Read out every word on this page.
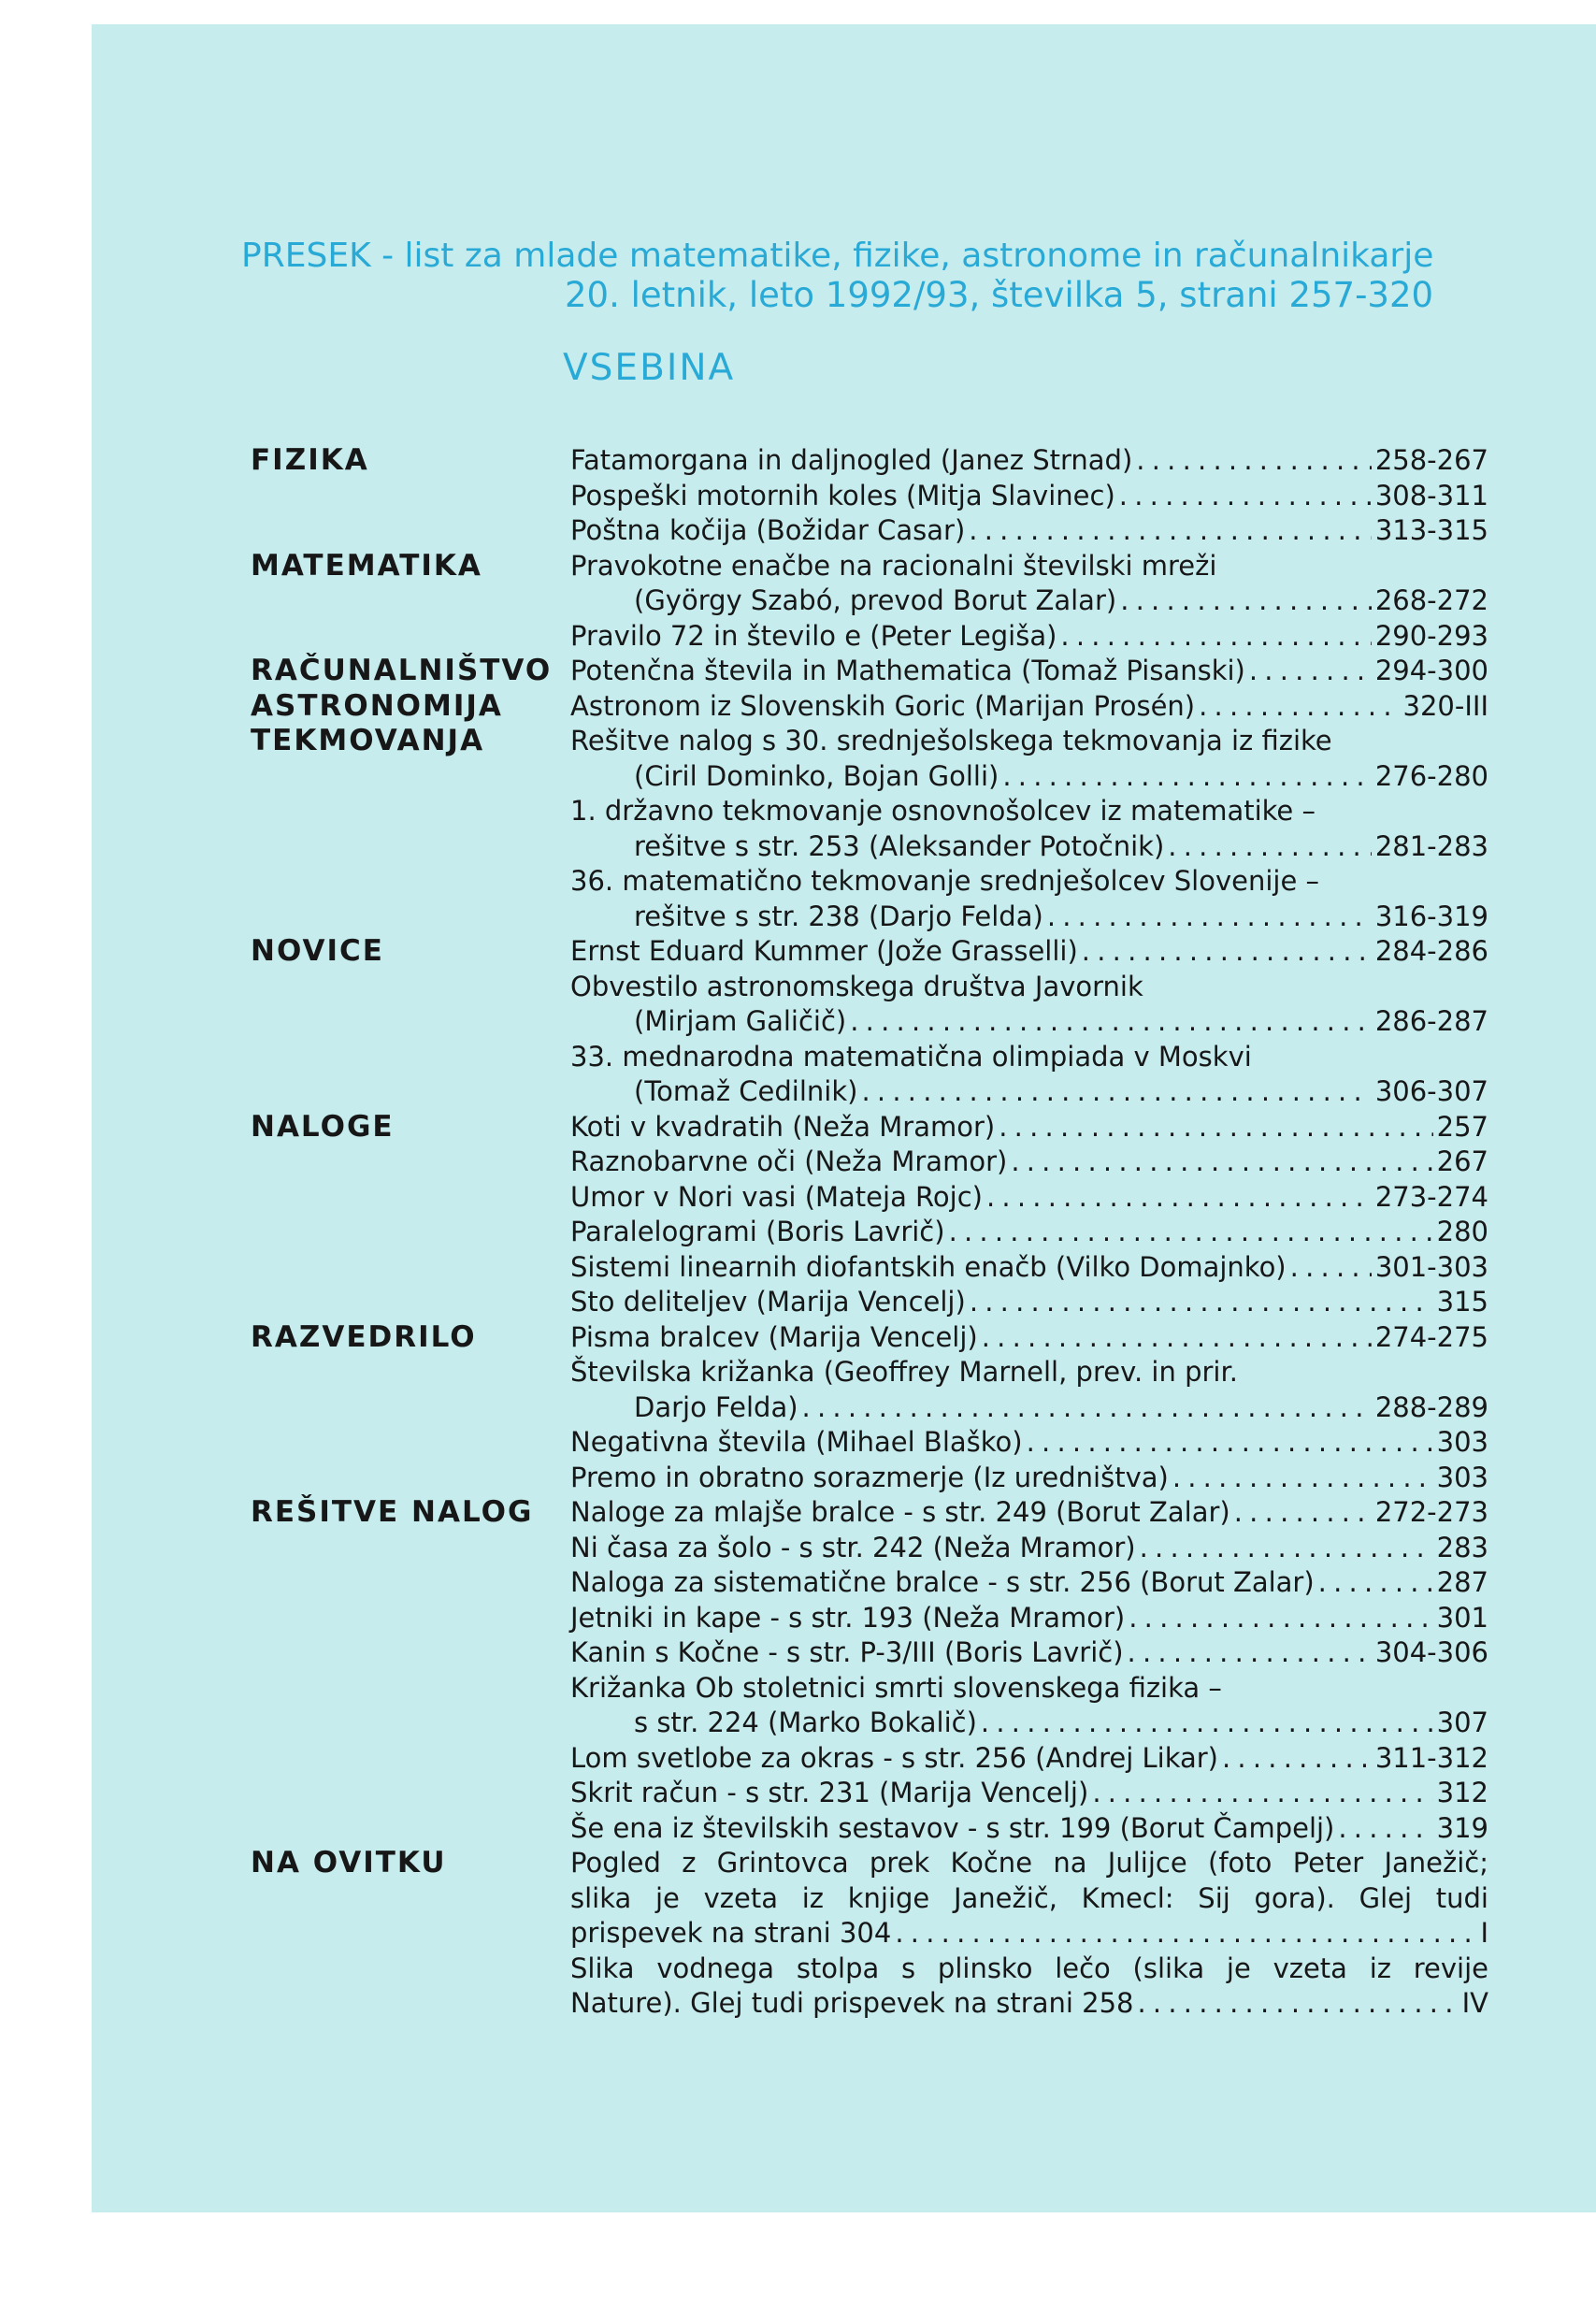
PRESEK - list za mlade matematike, fizike, astronome in računalnikarje
20. letnik, leto 1992/93, številka 5, strani 257-320
VSEBINA
FIZIKA	Fatamorgana in daljnogled (Janez Strnad) . . .	258-267
Pospeški motornih koles (Mitja Slavinec) . . .	308-311
Poštna kočija (Božidar Casar) . . .	313-315
MATEMATIKA	Pravokotne enačbe na racionalni številski mreži
(György Szabó, prevod Borut Zalar) . . .	268-272
Pravilo 72 in število e (Peter Legiša) . . .	290-293
RAČUNALNIŠTVO Potenčna števila in Mathematica (Tomaž Pisanski) . . .	294-300
ASTRONOMIJA Astronom iz Slovenskih Goric (Marijan Prosén) . . .	320-III
TEKMOVANJA	Rešitve nalog s 30. srednješolskega tekmovanja iz fizike
(Ciril Dominko, Bojan Golli) . . .	276-280
1. državno tekmovanje osnovnošolcev iz matematike –
rešitve s str. 253 (Aleksander Potočnik) . . .	281-283
36. matematično tekmovanje srednješolcev Slovenije –
rešitve s str. 238 (Darjo Felda) . . .	316-319
NOVICE	Ernst Eduard Kummer (Jože Grasselli) . . .	284-286
Obvestilo astronomskega društva Javornik
(Mirjam Galičič) . . .	286-287
33. mednarodna matematična olimpiada v Moskvi
(Tomaž Cedilnik) . . .	306-307
NALOGE	Koti v kvadratih (Neža Mramor) . . .	257
Raznobarvne oči (Neža Mramor) . . .	267
Umor v Nori vasi (Mateja Rojc) . . .	273-274
Paralelogrami (Boris Lavrič) . . .	280
Sistemi linearnih diofantskih enačb (Vilko Domajnko) . . .	301-303
Sto deliteljev (Marija Vencelj) . . .	315
RAZVEDRILO	Pisma bralcev (Marija Vencelj) . . .	274-275
Številska križanka (Geoffrey Marnell, prev. in prir.
Darjo Felda) . . .	288-289
Negativna števila (Mihael Blaško) . . .	303
Premo in obratno sorazmerje (Iz uredništva) . . .	303
REŠITVE NALOG Naloge za mlajše bralce - s str. 249 (Borut Zalar) . . .	272-273
Ni časa za šolo - s str. 242 (Neža Mramor) . . .	283
Naloga za sistematične bralce - s str. 256 (Borut Zalar) . . .	287
Jetniki in kape - s str. 193 (Neža Mramor) . . .	301
Kanin s Kočne - s str. P-3/III (Boris Lavrič) . . .	304-306
Križanka Ob stoletnici smrti slovenskega fizika –
s str. 224 (Marko Bokalič) . . .	307
Lom svetlobe za okras - s str. 256 (Andrej Likar) . . .	311-312
Skrit račun - s str. 231 (Marija Vencelj) . . .	312
Še ena iz številskih sestavov - s str. 199 (Borut Čampelj) . . .	319
NA OVITKU	Pogled z Grintovca prek Kočne na Julijce (foto Peter Janežič;
slika je vzeta iz knjige Janežič, Kmecl: Sij gora). Glej tudi
prispevek na strani 304 . . .	I
Slika vodnega stolpa s plinsko lečo (slika je vzeta iz revije
Nature). Glej tudi prispevek na strani 258 . . .	IV
